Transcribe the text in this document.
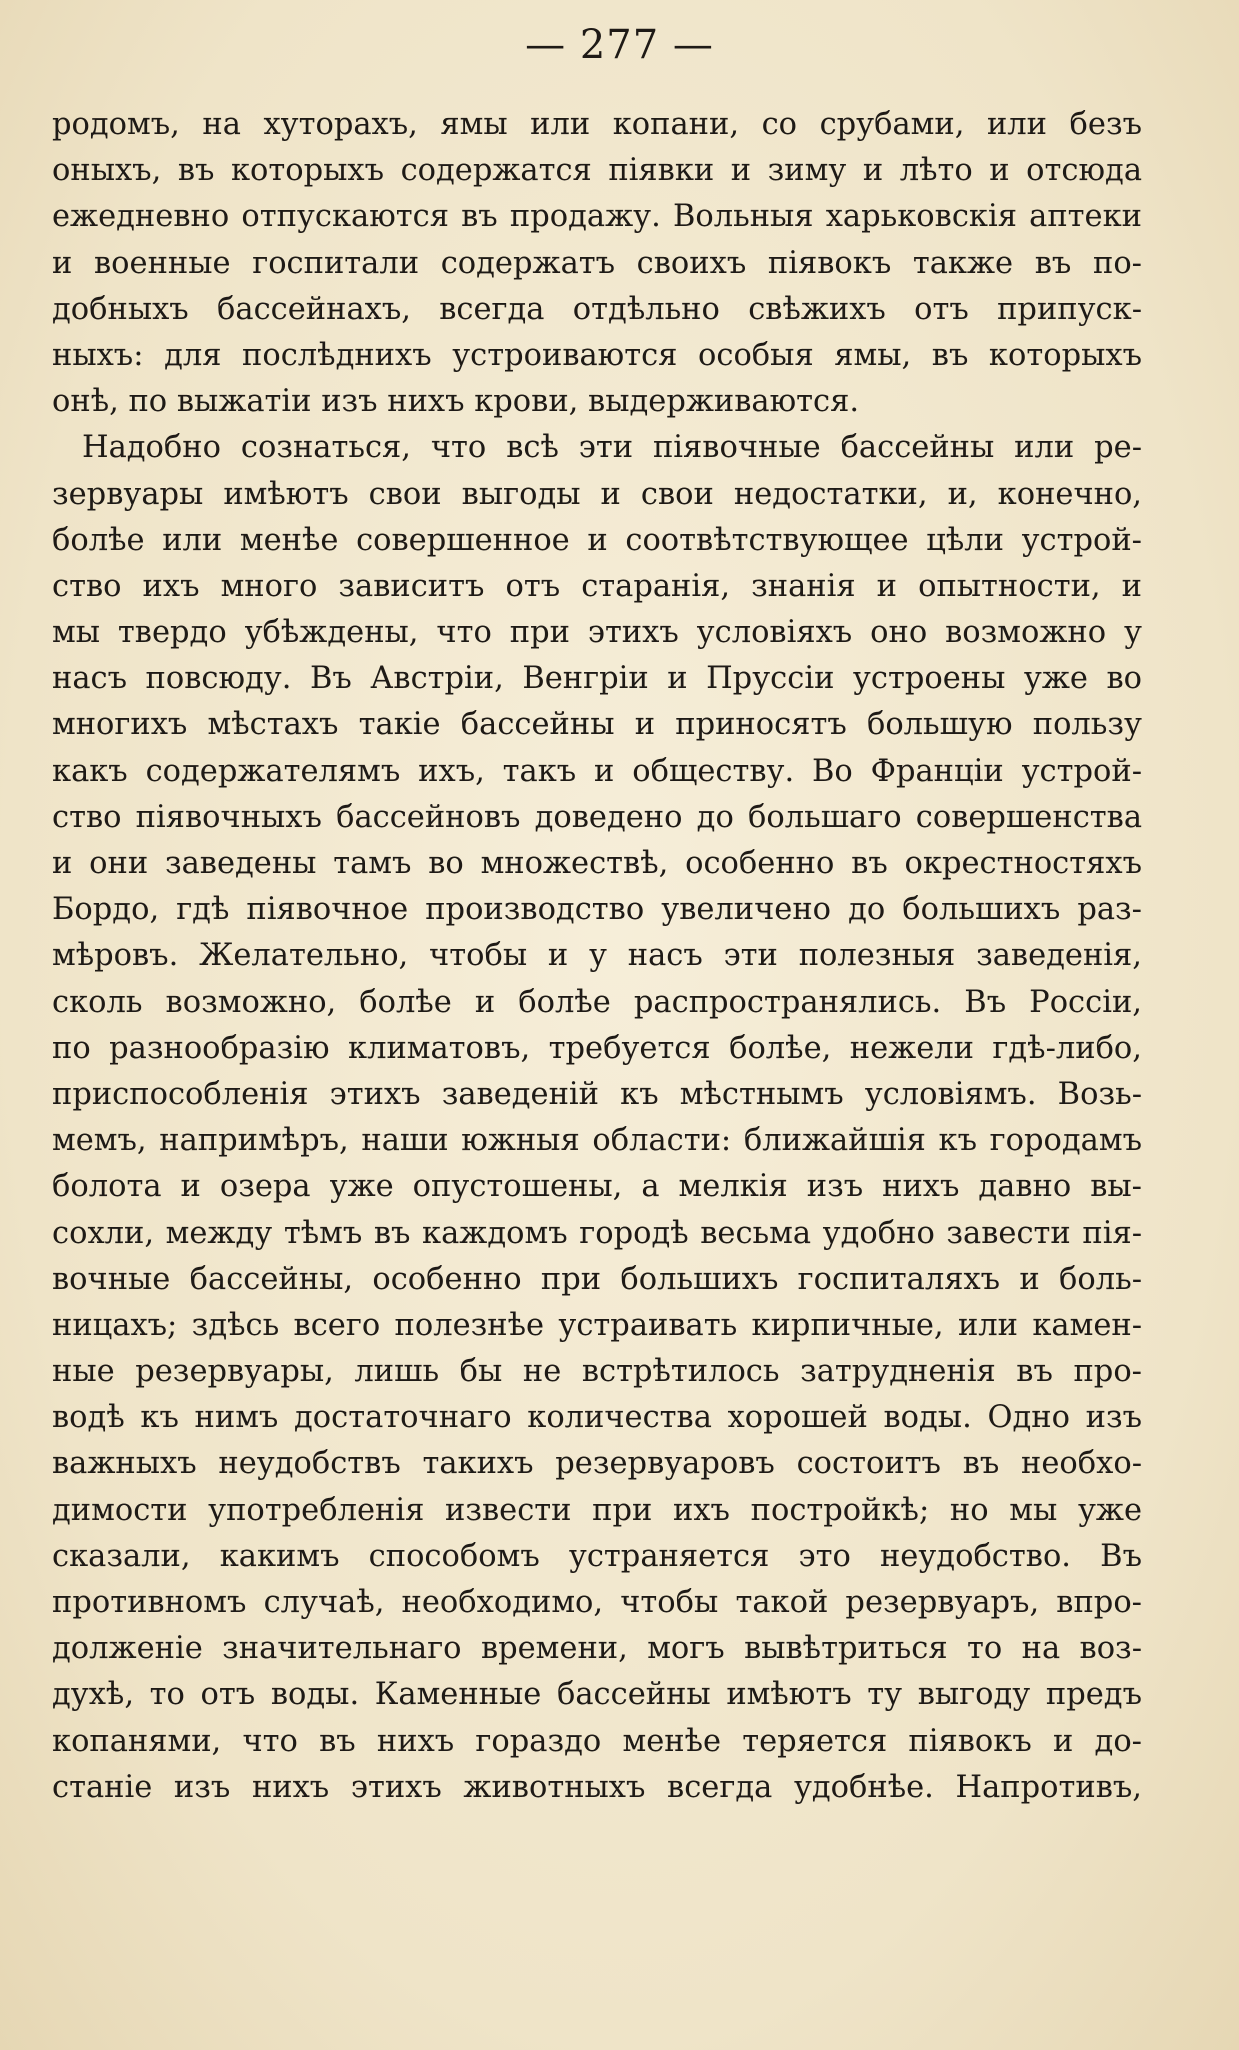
— 277 —
родомъ, на хуторахъ, ямы или копани, со срубами, или безъ
оныхъ, въ которыхъ содержатся піявки и зиму и лѣто и отсюда
ежедневно отпускаются въ продажу. Вольныя харьковскія аптеки
и военные госпитали содержатъ своихъ піявокъ также въ по-
добныхъ бассейнахъ, всегда отдѣльно свѣжихъ отъ припуск-
ныхъ: для послѣднихъ устроиваются особыя ямы, въ которыхъ
онѣ, по выжатіи изъ нихъ крови, выдерживаются.
Надобно сознаться, что всѣ эти піявочные бассейны или ре-
зервуары имѣютъ свои выгоды и свои недостатки, и, конечно,
болѣе или менѣе совершенное и соотвѣтствующее цѣли устрой-
ство ихъ много зависитъ отъ старанія, знанія и опытности, и
мы твердо убѣждены, что при этихъ условіяхъ оно возможно у
насъ повсюду. Въ Австріи, Венгріи и Пруссіи устроены уже во
многихъ мѣстахъ такіе бассейны и приносятъ большую пользу
какъ содержателямъ ихъ, такъ и обществу. Во Франціи устрой-
ство піявочныхъ бассейновъ доведено до большаго совершенства
и они заведены тамъ во множествѣ, особенно въ окрестностяхъ
Бордо, гдѣ піявочное производство увеличено до большихъ раз-
мѣровъ. Желательно, чтобы и у насъ эти полезныя заведенія,
сколь возможно, болѣе и болѣе распространялись. Въ Россіи,
по разнообразію климатовъ, требуется болѣе, нежели гдѣ-либо,
приспособленія этихъ заведеній къ мѣстнымъ условіямъ. Возь-
мемъ, напримѣръ, наши южныя области: ближайшія къ городамъ
болота и озера уже опустошены, а мелкія изъ нихъ давно вы-
сохли, между тѣмъ въ каждомъ городѣ весьма удобно завести пія-
вочные бассейны, особенно при большихъ госпиталяхъ и боль-
ницахъ; здѣсь всего полезнѣе устраивать кирпичные, или камен-
ные резервуары, лишь бы не встрѣтилось затрудненія въ про-
водѣ къ нимъ достаточнаго количества хорошей воды. Одно изъ
важныхъ неудобствъ такихъ резервуаровъ состоитъ въ необхо-
димости употребленія извести при ихъ постройкѣ; но мы уже
сказали, какимъ способомъ устраняется это неудобство. Въ
противномъ случаѣ, необходимо, чтобы такой резервуаръ, впро-
долженіе значительнаго времени, могъ вывѣтриться то на воз-
духѣ, то отъ воды. Каменные бассейны имѣютъ ту выгоду предъ
копанями, что въ нихъ гораздо менѣе теряется піявокъ и до-
станіе изъ нихъ этихъ животныхъ всегда удобнѣе. Напротивъ,
